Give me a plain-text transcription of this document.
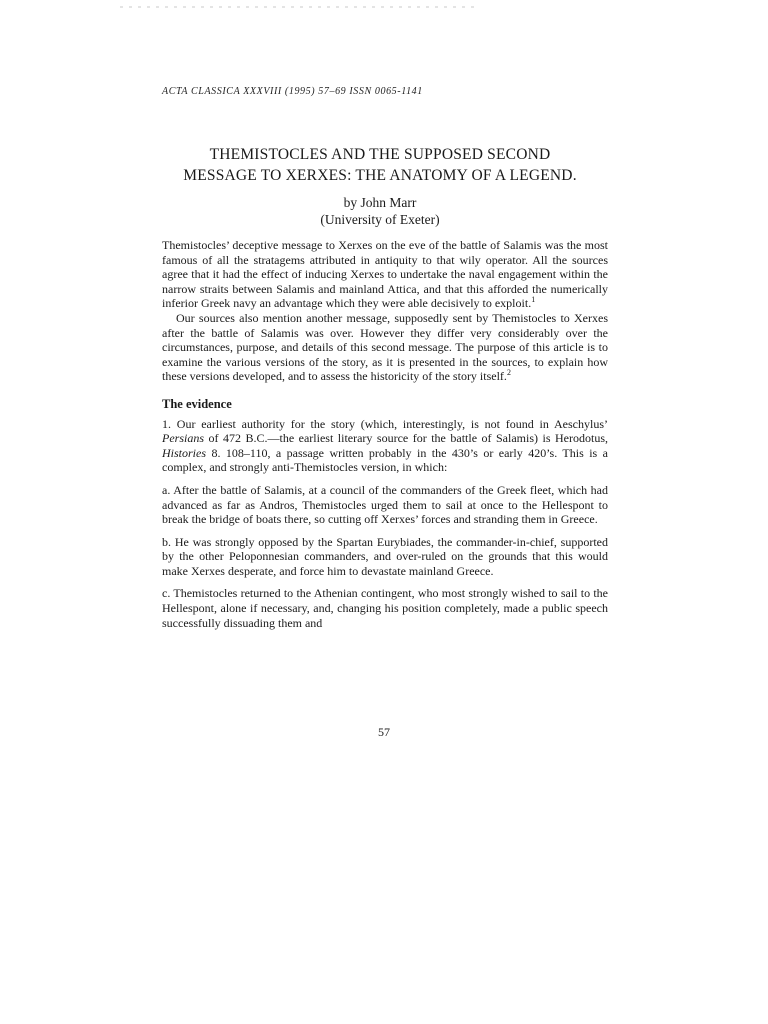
ACTA CLASSICA XXXVIII (1995) 57–69 ISSN 0065-1141
THEMISTOCLES AND THE SUPPOSED SECOND
MESSAGE TO XERXES: THE ANATOMY OF A LEGEND.
by John Marr
(University of Exeter)

Themistocles’ deceptive message to Xerxes on the eve of the battle of Salamis was the most famous of all the stratagems attributed in antiquity to that wily operator. All the sources agree that it had the effect of inducing Xerxes to undertake the naval engagement within the narrow straits between Salamis and mainland Attica, and that this afforded the numerically inferior Greek navy an advantage which they were able decisively to exploit.$^1$

Our sources also mention another message, supposedly sent by Themistocles to Xerxes after the battle of Salamis was over. However they differ very considerably over the circumstances, purpose, and details of this second message. The purpose of this article is to examine the various versions of the story, as it is presented in the sources, to explain how these versions developed, and to assess the historicity of the story itself.$^2$

The evidence

1. Our earliest authority for the story (which, interestingly, is not found in Aeschylus’ Persians of 472 B.C.—the earliest literary source for the battle of Salamis) is Herodotus, Histories 8. 108–110, a passage written probably in the 430’s or early 420’s. This is a complex, and strongly anti-Themistocles version, in which:

a. After the battle of Salamis, at a council of the commanders of the Greek fleet, which had advanced as far as Andros, Themistocles urged them to sail at once to the Hellespont to break the bridge of boats there, so cutting off Xerxes’ forces and stranding them in Greece.

b. He was strongly opposed by the Spartan Eurybiades, the commander-in-chief, supported by the other Peloponnesian commanders, and over-ruled on the grounds that this would make Xerxes desperate, and force him to devastate mainland Greece.

c. Themistocles returned to the Athenian contingent, who most strongly wished to sail to the Hellespont, alone if necessary, and, changing his position completely, made a public speech successfully dissuading them and

57
